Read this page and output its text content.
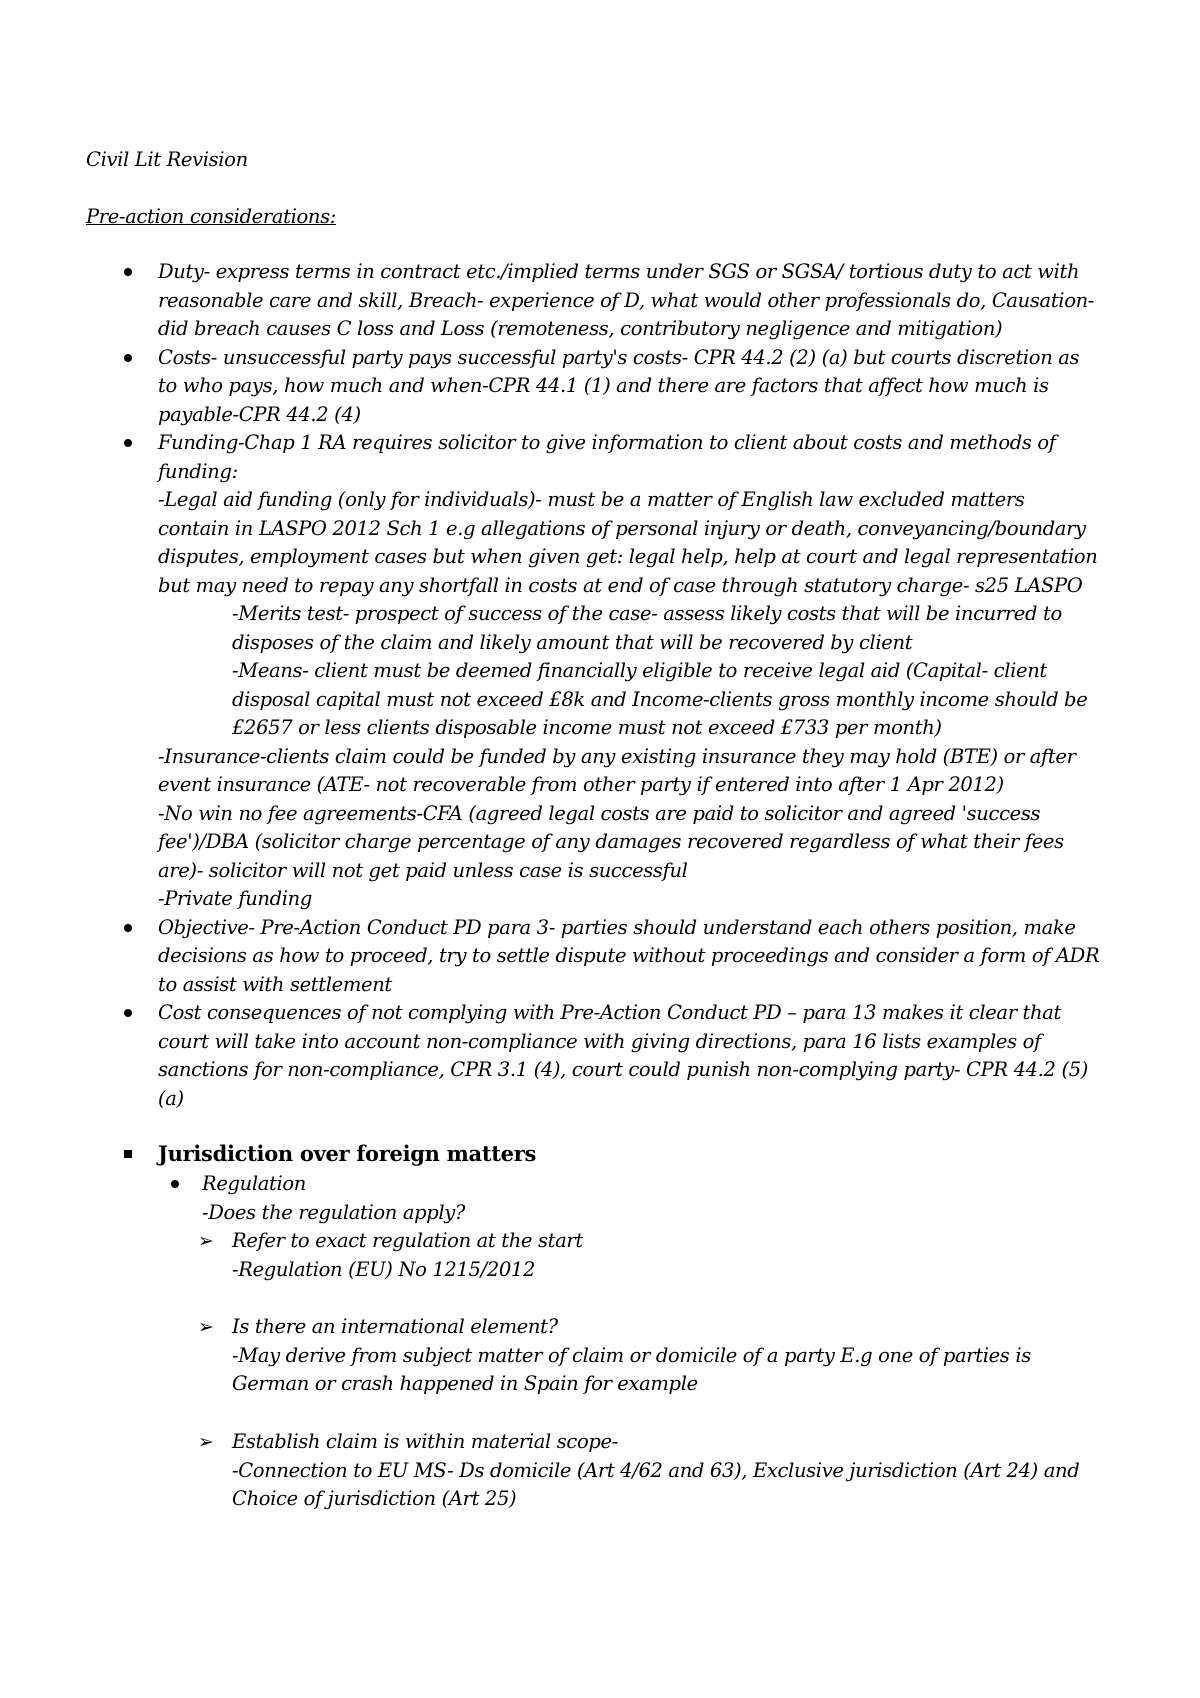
Civil Lit Revision
Pre-action considerations:

Duty- express terms in contract etc./implied terms under SGS or SGSA/ tortious duty to act with

reasonable care and skill, Breach- experience of D, what would other professionals do, Causation-

did breach causes C loss and Loss (remoteness, contributory negligence and mitigation)

Costs- unsuccessful party pays successful party's costs- CPR 44.2 (2) (a) but courts discretion as

to who pays, how much and when-CPR 44.1 (1) and there are factors that affect how much is

payable-CPR 44.2 (4)

Funding-Chap 1 RA requires solicitor to give information to client about costs and methods of

funding:

-Legal aid funding (only for individuals)- must be a matter of English law excluded matters

contain in LASPO 2012 Sch 1 e.g allegations of personal injury or death, conveyancing/boundary

disputes, employment cases but when given get: legal help, help at court and legal representation

but may need to repay any shortfall in costs at end of case through statutory charge- s25 LASPO

-Merits test- prospect of success of the case- assess likely costs that will be incurred to

disposes of the claim and likely amount that will be recovered by client

-Means- client must be deemed financially eligible to receive legal aid (Capital- client

disposal capital must not exceed £8k and Income-clients gross monthly income should be

£2657 or less clients disposable income must not exceed £733 per month)

-Insurance-clients claim could be funded by any existing insurance they may hold (BTE) or after

event insurance (ATE- not recoverable from other party if entered into after 1 Apr 2012)

-No win no fee agreements-CFA (agreed legal costs are paid to solicitor and agreed 'success

fee')/DBA (solicitor charge percentage of any damages recovered regardless of what their fees

are)- solicitor will not get paid unless case is successful

-Private funding

Objective- Pre-Action Conduct PD para 3- parties should understand each others position, make

decisions as how to proceed, try to settle dispute without proceedings and consider a form of ADR

to assist with settlement

Cost consequences of not complying with Pre-Action Conduct PD – para 13 makes it clear that

court will take into account non-compliance with giving directions, para 16 lists examples of

sanctions for non-compliance, CPR 3.1 (4), court could punish non-complying party- CPR 44.2 (5)

(a)

Jurisdiction over foreign matters
Regulation
-Does the regulation apply?
➢ Refer to exact regulation at the start
-Regulation (EU) No 1215/2012
➢ Is there an international element?
-May derive from subject matter of claim or domicile of a party E.g one of parties is
German or crash happened in Spain for example
➢ Establish claim is within material scope-
-Connection to EU MS- Ds domicile (Art 4/62 and 63), Exclusive jurisdiction (Art 24) and
Choice of jurisdiction (Art 25)
